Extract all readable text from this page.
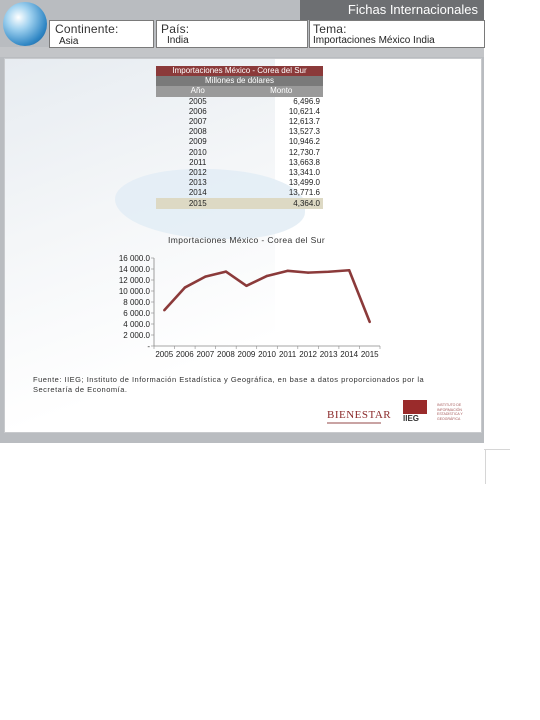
Fichas Internacionales
Continente:
Asia
País:
India
Tema:
Importaciones México India
Importaciones México - Corea del Sur	
Millones de dólares	
Año	Monto
2005	6,496.9
2006	10,621.4
2007	12,613.7
2008	13,527.3
2009	10,946.2
2010	12,730.7
2011	13,663.8
2012	13,341.0
2013	13,499.0
2014	13,771.6
2015	4,364.0
Importaciones México - Corea del Sur
16 000.0
14 000.0
12 000.0
10 000.0
8 000.0
6 000.0
4 000.0
2 000.0
-
2005 2006 2007 2008 2009 2010 2011 2012 2013 2014 2015
Fuente: IIEG; Instituto de Información Estadística y Geográfica, en base a datos proporcionados por la Secretaría de Economía.
BIENESTAR IIEG
INSTITUTO DE INFORMACIÓN ESTADÍSTICA Y GEOGRÁFICA
